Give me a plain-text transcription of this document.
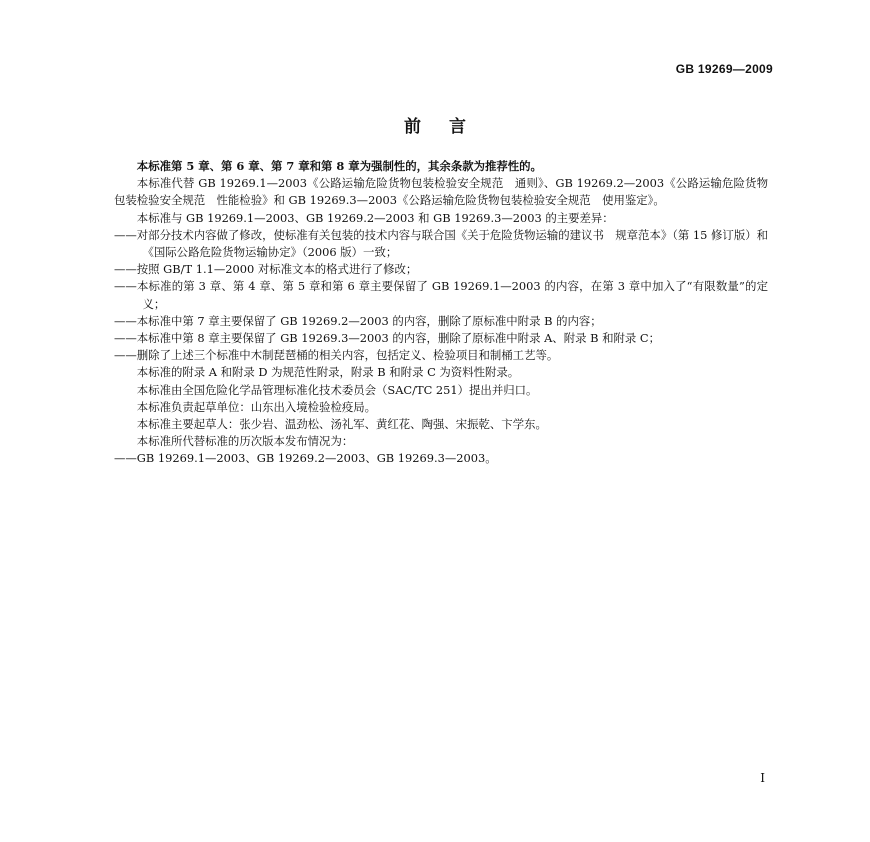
GB 19269—2009
前言

本标准第 5 章、第 6 章、第 7 章和第 8 章为强制性的，其余条款为推荐性的。

本标准代替 GB 19269.1—2003《公路运输危险货物包装检验安全规范　通则》、GB 19269.2—2003《公路运输危险货物包装检验安全规范　性能检验》和 GB 19269.3—2003《公路运输危险货物包装检验安全规范　使用鉴定》。

本标准与 GB 19269.1—2003、GB 19269.2—2003 和 GB 19269.3—2003 的主要差异：

——对部分技术内容做了修改，使标准有关包装的技术内容与联合国《关于危险货物运输的建议书　规章范本》（第 15 修订版）和《国际公路危险货物运输协定》（2006 版）一致；

——按照 GB/T 1.1—2000 对标准文本的格式进行了修改；

——本标准的第 3 章、第 4 章、第 5 章和第 6 章主要保留了 GB 19269.1—2003 的内容，在第 3 章中加入了“有限数量”的定义；

——本标准中第 7 章主要保留了 GB 19269.2—2003 的内容，删除了原标准中附录 B 的内容；

——本标准中第 8 章主要保留了 GB 19269.3—2003 的内容，删除了原标准中附录 A、附录 B 和附录 C；

——删除了上述三个标准中木制琵琶桶的相关内容，包括定义、检验项目和制桶工艺等。

本标准的附录 A 和附录 D 为规范性附录，附录 B 和附录 C 为资料性附录。

本标准由全国危险化学品管理标准化技术委员会（SAC/TC 251）提出并归口。

本标准负责起草单位：山东出入境检验检疫局。

本标准主要起草人：张少岩、温劲松、汤礼军、黄红花、陶强、宋振乾、卞学东。

本标准所代替标准的历次版本发布情况为：

——GB 19269.1—2003、GB 19269.2—2003、GB 19269.3—2003。

I
